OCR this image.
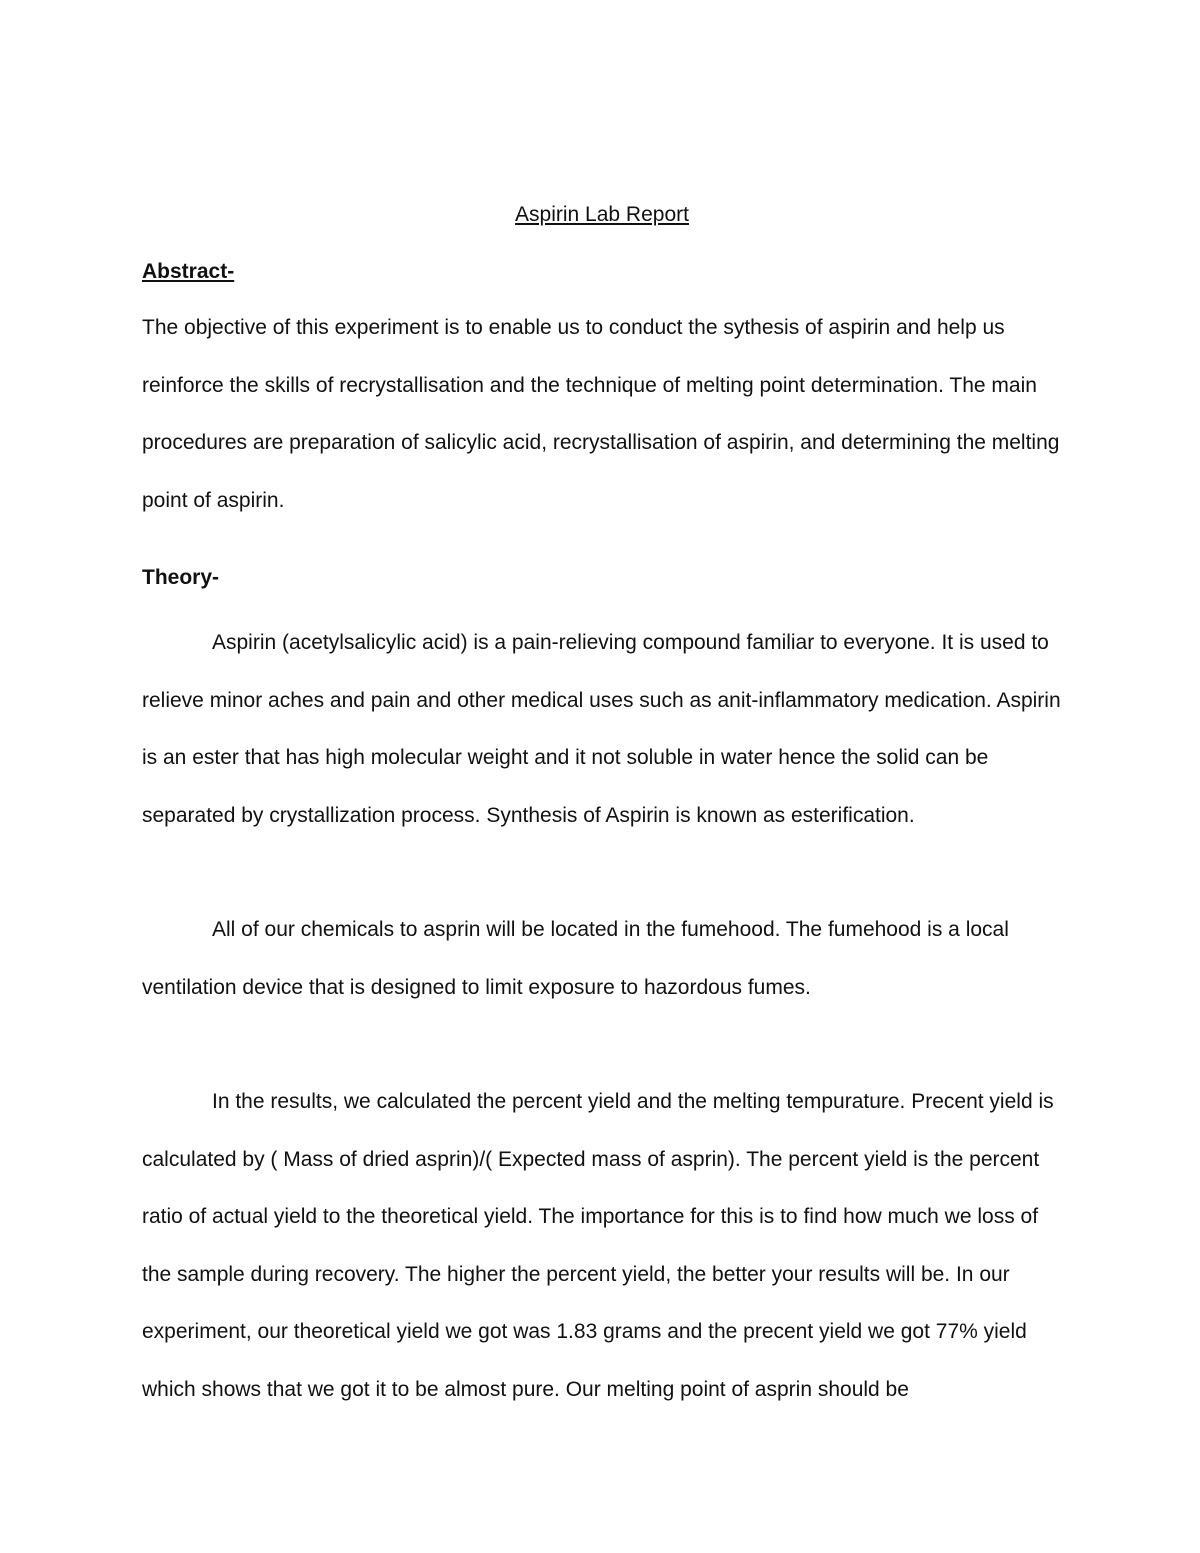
Aspirin Lab Report
Abstract-

The objective of this experiment is to enable us to conduct the sythesis of aspirin and help us reinforce the skills of recrystallisation and the technique of melting point determination. The main procedures are preparation of salicylic acid, recrystallisation of aspirin, and determining the melting point of aspirin.

Theory-

Aspirin (acetylsalicylic acid) is a pain-relieving compound familiar to everyone. It is used to relieve minor aches and pain and other medical uses such as anit-inflammatory medication. Aspirin is an ester that has high molecular weight and it not soluble in water hence the solid can be separated by crystallization process. Synthesis of Aspirin is known as esterification.

All of our chemicals to asprin will be located in the fumehood. The fumehood is a local ventilation device that is designed to limit exposure to hazordous fumes.

In the results, we calculated the percent yield and the melting tempurature. Precent yield is calculated by ( Mass of dried asprin)/( Expected mass of asprin). The percent yield is the percent ratio of actual yield to the theoretical yield. The importance for this is to find how much we loss of the sample during recovery. The higher the percent yield, the better your results will be. In our experiment, our theoretical yield we got was 1.83 grams and the precent yield we got 77% yield which shows that we got it to be almost pure. Our melting point of asprin should be
